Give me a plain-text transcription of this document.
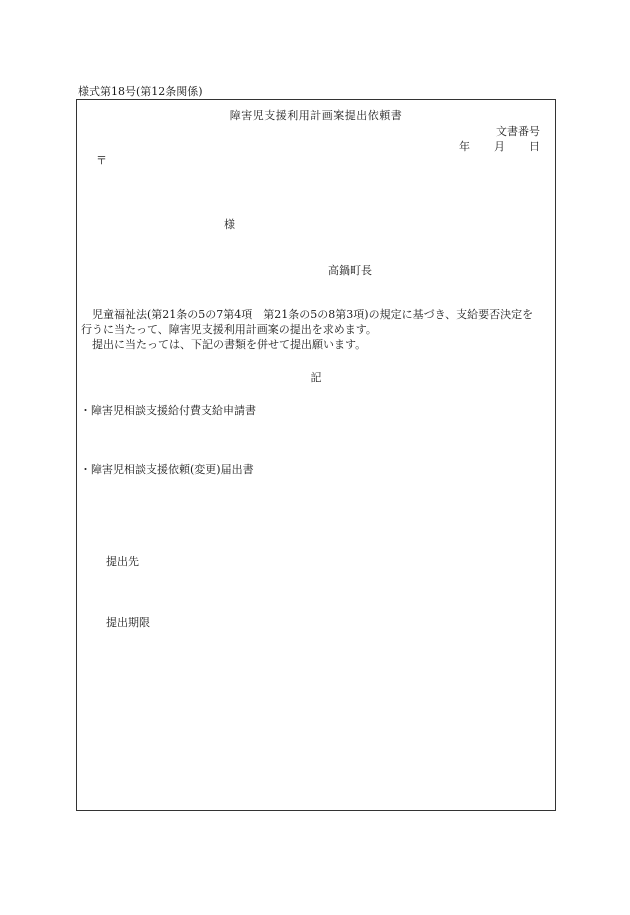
様式第18号(第12条関係)
障害児支援利用計画案提出依頼書
文書番号
年 月 日
〒
様
高鍋町長

児童福祉法(第21条の5の7第4項　第21条の5の8第3項)の規定に基づき、支給要否決定を

行うに当たって、障害児支援利用計画案の提出を求めます。

提出に当たっては、下記の書類を併せて提出願います。

記
・障害児相談支援給付費支給申請書
・障害児相談支援依頼(変更)届出書
提出先
提出期限
